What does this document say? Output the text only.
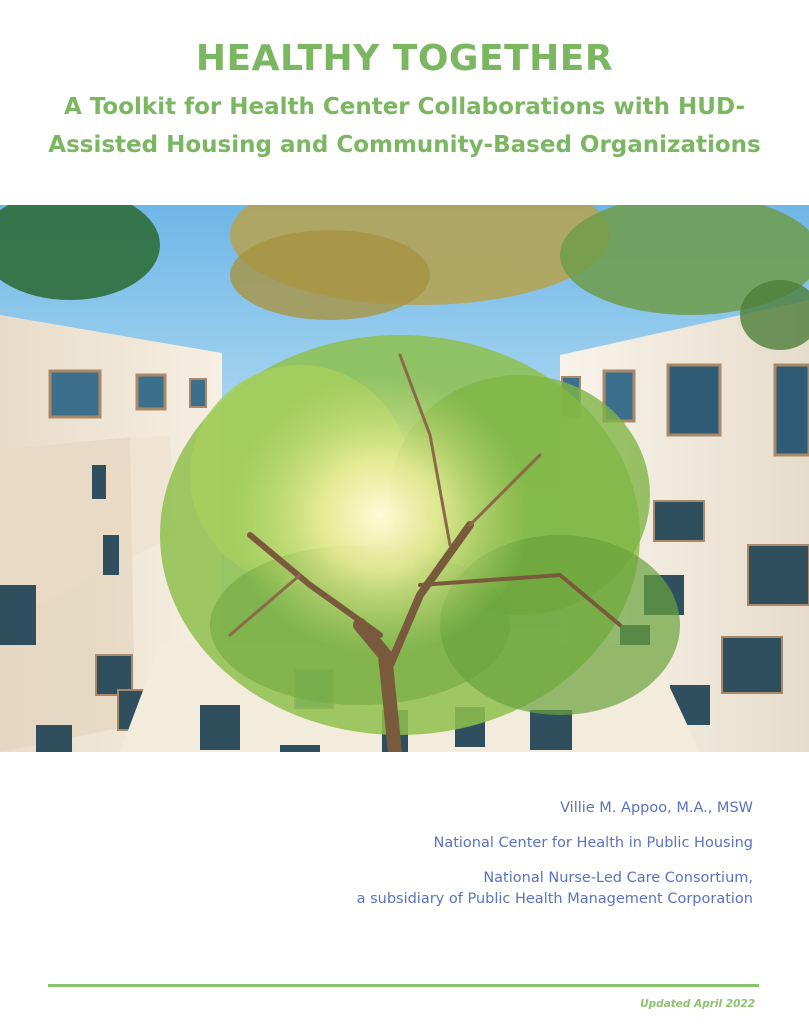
HEALTHY TOGETHER
A Toolkit for Health Center Collaborations with HUD-Assisted Housing and Community-Based Organizations
Villie M. Appoo, M.A., MSW
National Center for Health in Public Housing
National Nurse-Led Care Consortium,
a subsidiary of Public Health Management Corporation
Updated April 2022
